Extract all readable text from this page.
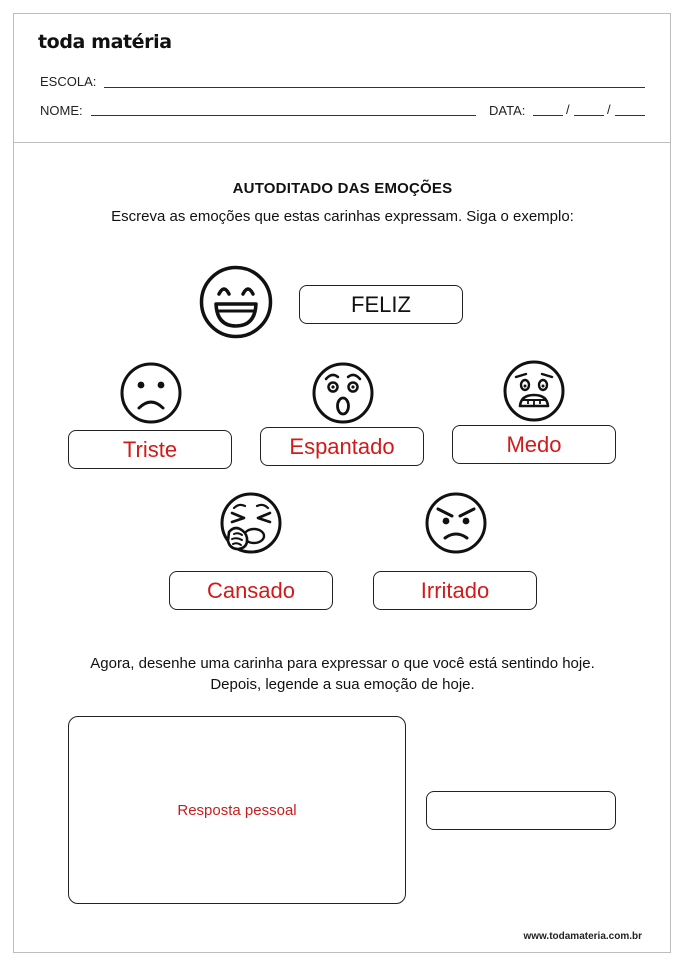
toda matéria
ESCOLA:
NOME:	DATA:	/	/
AUTODITADO DAS EMOÇÕES
Escreva as emoções que estas carinhas expressam. Siga o exemplo:
FELIZ
Triste	Espantado	Medo
Cansado	Irritado
Agora, desenhe uma carinha para expressar o que você está sentindo hoje.
Depois, legende a sua emoção de hoje.
Resposta pessoal
www.todamateria.com.br
